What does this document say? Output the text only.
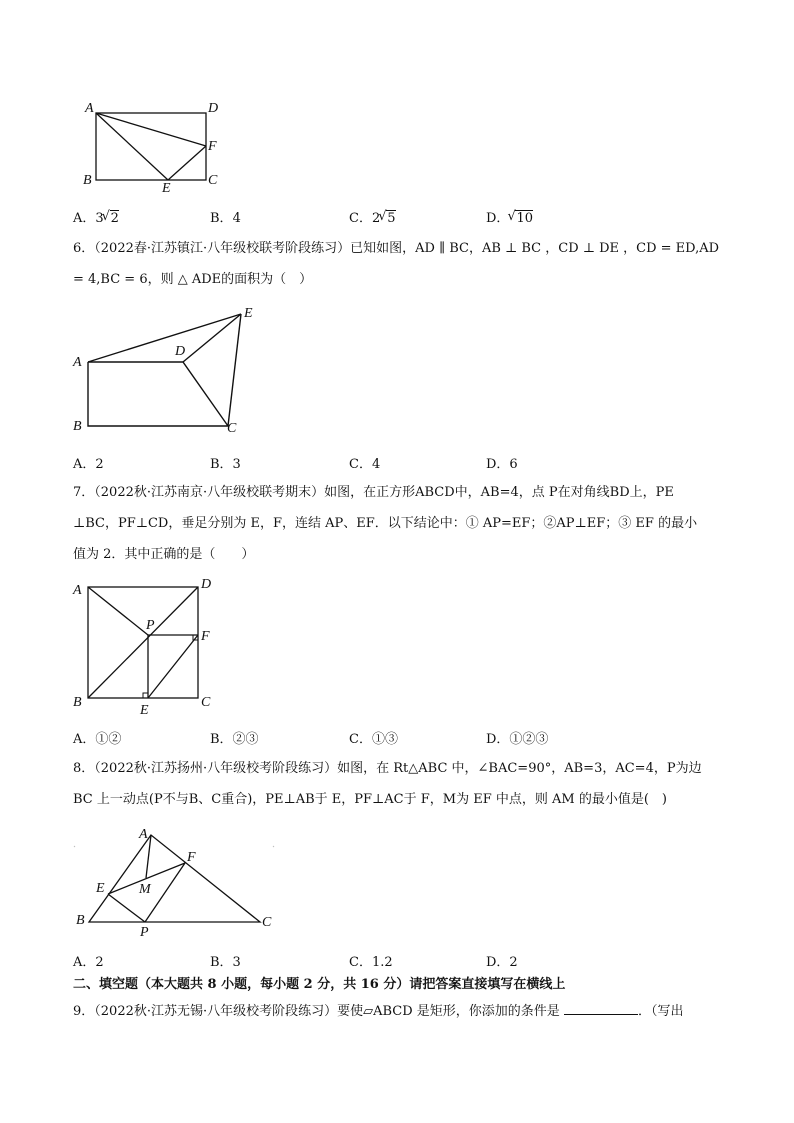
A	D
F
B
E
C
A．3 √ 2	B．4	C．2 √ 5	D． √ 10
6．（2022春·江苏镇江·八年级校联考阶段练习）已知如图，AD ∥ BC，AB ⊥ BC ，CD ⊥ DE ，CD = ED,AD
= 4,BC = 6，则 △ ADE的面积为（　）
E
D
A
B	C
A．2	B．3	C．4	D．6
7．（2022秋·江苏南京·八年级校联考期末）如图，在正方形ABCD中，AB=4，点 P在对角线BD上，PE
⊥BC，PF⊥CD，垂足分别为 E，F，连结 AP、EF．以下结论中：① AP=EF；②AP⊥EF；③ EF 的最小
值为 2．其中正确的是（　　）
A	D
P
F
B
E
C
A．①②	B．②③	C．①③	D．①②③
8．（2022秋·江苏扬州·八年级校考阶段练习）如图，在 Rt△ABC 中，∠BAC=90°，AB=3，AC=4，P为边
BC 上一动点(P不与B、C重合)，PE⊥AB于 E，PF⊥AC于 F，M为 EF 中点，则 AM 的最小值是(　)
A
F
E M
B
P
C
A．2	B．3	C．1.2	D．2
二、填空题（本大题共 8 小题，每小题 2 分，共 16 分）请把答案直接填写在横线上
9．（2022秋·江苏无锡·八年级校考阶段练习）要使▱ABCD 是矩形，你添加的条件是	．（写出
